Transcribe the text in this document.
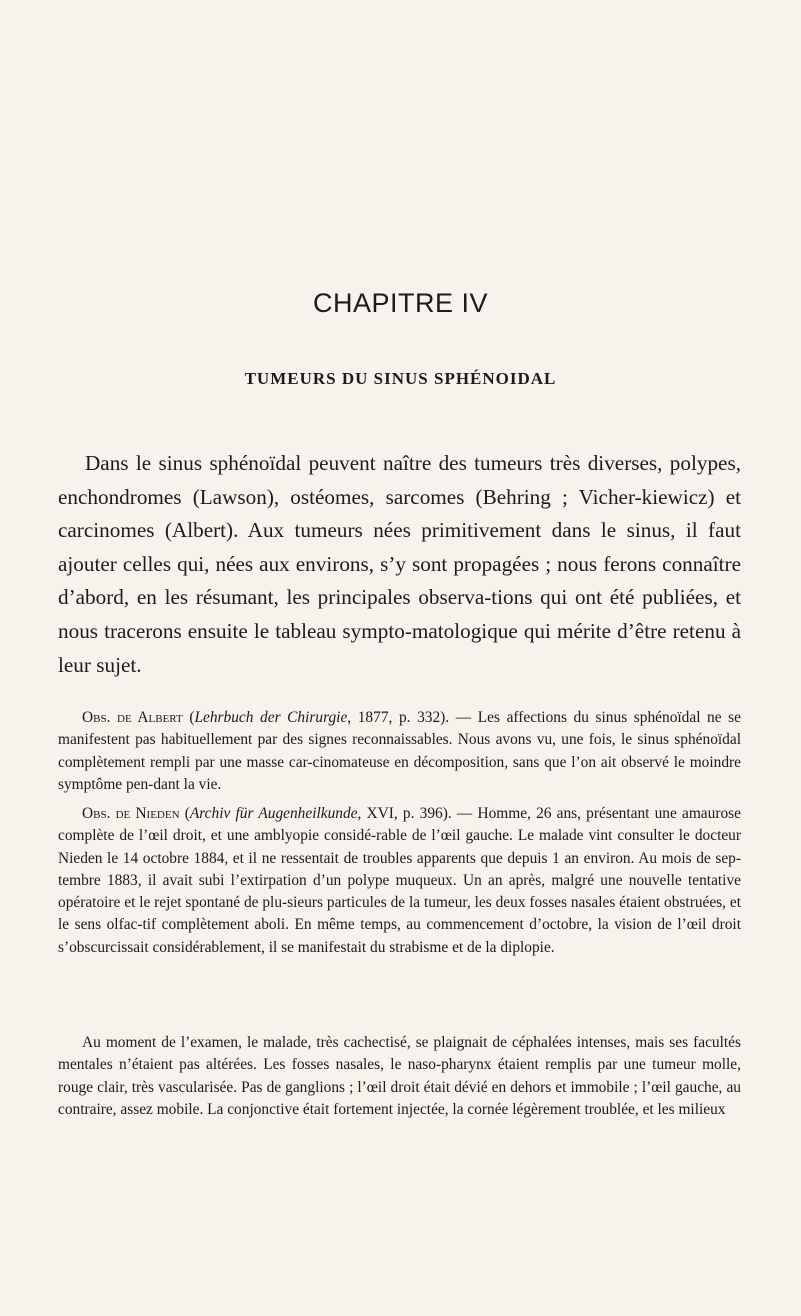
CHAPITRE IV
TUMEURS DU SINUS SPHÉNOIDAL

Dans le sinus sphénoïdal peuvent naître des tumeurs très diverses, polypes, enchondromes (Lawson), ostéomes, sarcomes (Behring ; Vicher-kiewicz) et carcinomes (Albert). Aux tumeurs nées primitivement dans le sinus, il faut ajouter celles qui, nées aux environs, s’y sont propagées ; nous ferons connaître d’abord, en les résumant, les principales observa-tions qui ont été publiées, et nous tracerons ensuite le tableau sympto-matologique qui mérite d’être retenu à leur sujet.

Obs. de Albert (Lehrbuch der Chirurgie, 1877, p. 332). — Les affections du sinus sphénoïdal ne se manifestent pas habituellement par des signes reconnaissables. Nous avons vu, une fois, le sinus sphénoïdal complètement rempli par une masse car-cinomateuse en décomposition, sans que l’on ait observé le moindre symptôme pen-dant la vie.

Obs. de Nieden (Archiv für Augenheilkunde, XVI, p. 396). — Homme, 26 ans, présentant une amaurose complète de l’œil droit, et une amblyopie considé-rable de l’œil gauche. Le malade vint consulter le docteur Nieden le 14 octobre 1884, et il ne ressentait de troubles apparents que depuis 1 an environ. Au mois de sep-tembre 1883, il avait subi l’extirpation d’un polype muqueux. Un an après, malgré une nouvelle tentative opératoire et le rejet spontané de plu-sieurs particules de la tumeur, les deux fosses nasales étaient obstruées, et le sens olfac-tif complètement aboli. En même temps, au commencement d’octobre, la vision de l’œil droit s’obscurcissait considérablement, il se manifestait du strabisme et de la diplopie.

Au moment de l’examen, le malade, très cachectisé, se plaignait de céphalées intenses, mais ses facultés mentales n’étaient pas altérées. Les fosses nasales, le naso-pharynx étaient remplis par une tumeur molle, rouge clair, très vascularisée. Pas de ganglions ; l’œil droit était dévié en dehors et immobile ; l’œil gauche, au contraire, assez mobile. La conjonctive était fortement injectée, la cornée légèrement troublée, et les milieux
